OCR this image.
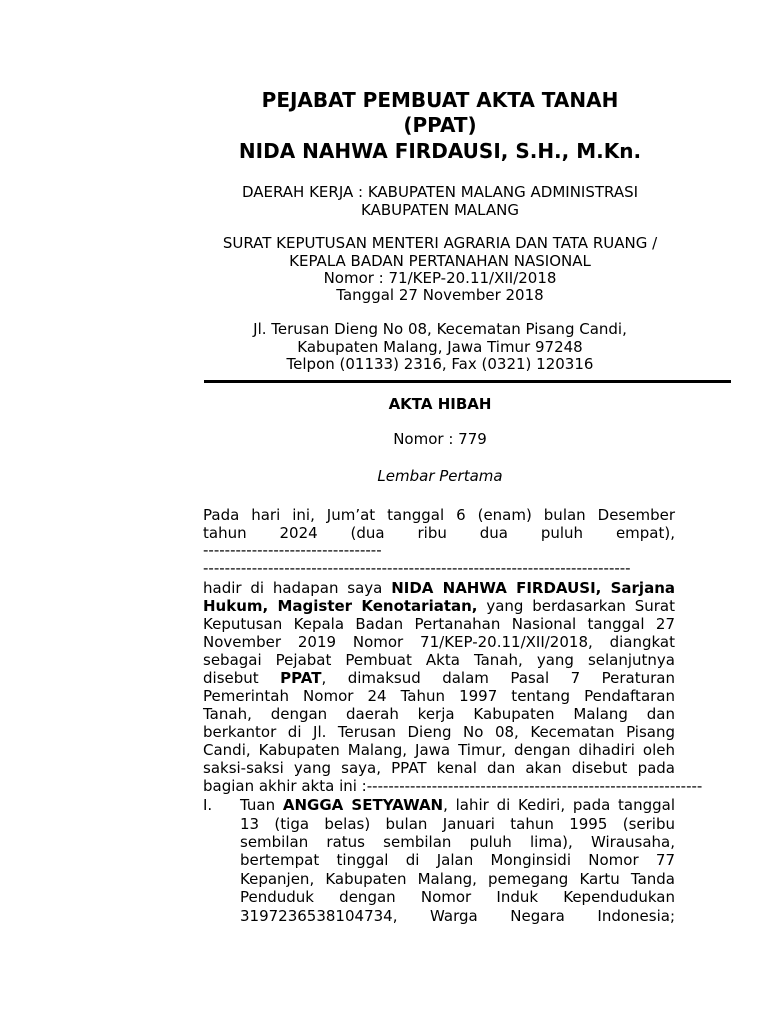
PEJABAT PEMBUAT AKTA TANAH
(PPAT)
NIDA NAHWA FIRDAUSI, S.H., M.Kn.
DAERAH KERJA : KABUPATEN MALANG ADMINISTRASI
KABUPATEN MALANG
SURAT KEPUTUSAN MENTERI AGRARIA DAN TATA RUANG /
KEPALA BADAN PERTANAHAN NASIONAL
Nomor : 71/KEP-20.11/XII/2018
Tanggal 27 November 2018
Jl. Terusan Dieng No 08, Kecematan Pisang Candi,
Kabupaten Malang, Jawa Timur 97248
Telpon (01133) 2316, Fax (0321) 120316
AKTA HIBAH
Nomor : 779
Lembar Pertama
Pada hari ini, Jum’at tanggal 6 (enam) bulan Desember
tahun 2024 (dua ribu dua puluh empat),
---------------------------------
-------------------------------------------------------------------------------
hadir di hadapan saya NIDA NAHWA FIRDAUSI, Sarjana
Hukum, Magister Kenotariatan, yang berdasarkan Surat
Keputusan Kepala Badan Pertanahan Nasional tanggal 27
November 2019 Nomor 71/KEP-20.11/XII/2018, diangkat
sebagai Pejabat Pembuat Akta Tanah, yang selanjutnya
disebut PPAT, dimaksud dalam Pasal 7 Peraturan
Pemerintah Nomor 24 Tahun 1997 tentang Pendaftaran
Tanah, dengan daerah kerja Kabupaten Malang dan
berkantor di Jl. Terusan Dieng No 08, Kecematan Pisang
Candi, Kabupaten Malang, Jawa Timur, dengan dihadiri oleh
saksi-saksi yang saya, PPAT kenal dan akan disebut pada
bagian akhir akta ini :--------------------------------------------------------------
I. Tuan ANGGA SETYAWAN, lahir di Kediri, pada tanggal
13 (tiga belas) bulan Januari tahun 1995 (seribu
sembilan ratus sembilan puluh lima), Wirausaha,
bertempat tinggal di Jalan Monginsidi Nomor 77
Kepanjen, Kabupaten Malang, pemegang Kartu Tanda
Penduduk dengan Nomor Induk Kependudukan
3197236538104734, Warga Negara Indonesia;
